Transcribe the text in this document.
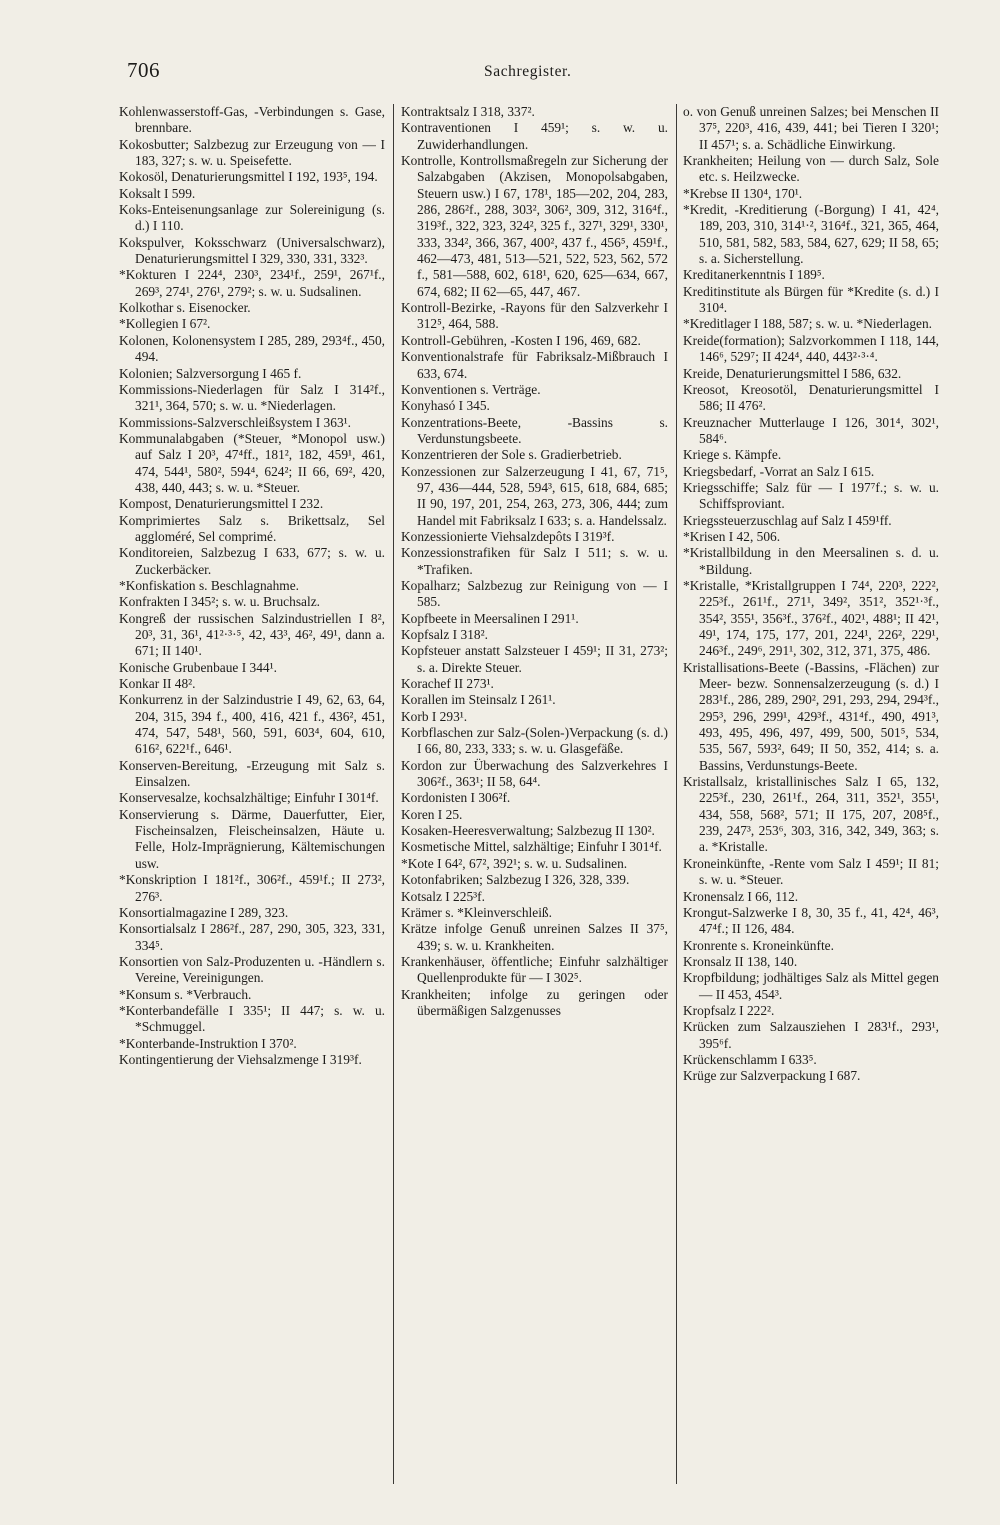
706	Sachregister.

Kohlenwasserstoff-Gas, -Verbindungen s. Gase, brennbare.

Kokosbutter; Salzbezug zur Erzeugung von — I 183, 327; s. w. u. Speisefette.

Kokosöl, Denaturierungsmittel I 192, 193⁵, 194.

Koksalt I 599.

Koks-Enteisenungsanlage zur Solereinigung (s. d.) I 110.

Kokspulver, Koksschwarz (Universalschwarz), Denaturierungsmittel I 329, 330, 331, 332³.

*Kokturen I 224⁴, 230³, 234¹f., 259¹, 267¹f., 269³, 274¹, 276¹, 279²; s. w. u. Sudsalinen.

Kolkothar s. Eisenocker.

*Kollegien I 67².

Kolonen, Kolonensystem I 285, 289, 293⁴f., 450, 494.

Kolonien; Salzversorgung I 465 f.

Kommissions-Niederlagen für Salz I 314²f., 321¹, 364, 570; s. w. u. *Niederlagen.

Kommissions-Salzverschleißsystem I 363¹.

Kommunalabgaben (*Steuer, *Monopol usw.) auf Salz I 20³, 47⁴ff., 181², 182, 459¹, 461, 474, 544¹, 580², 594⁴, 624²; II 66, 69², 420, 438, 440, 443; s. w. u. *Steuer.

Kompost, Denaturierungsmittel I 232.

Komprimiertes Salz s. Brikettsalz, Sel aggloméré, Sel comprimé.

Konditoreien, Salzbezug I 633, 677; s. w. u. Zuckerbäcker.

*Konfiskation s. Beschlagnahme.

Konfrakten I 345²; s. w. u. Bruchsalz.

Kongreß der russischen Salzindustriellen I 8², 20³, 31, 36¹, 41²·³·⁵, 42, 43³, 46², 49¹, dann a. 671; II 140¹.

Konische Grubenbaue I 344¹.

Konkar II 48².

Konkurrenz in der Salzindustrie I 49, 62, 63, 64, 204, 315, 394 f., 400, 416, 421 f., 436², 451, 474, 547, 548¹, 560, 591, 603⁴, 604, 610, 616², 622¹f., 646¹.

Konserven-Bereitung, -Erzeugung mit Salz s. Einsalzen.

Konservesalze, kochsalzhältige; Einfuhr I 301⁴f.

Konservierung s. Därme, Dauerfutter, Eier, Fischeinsalzen, Fleischeinsalzen, Häute u. Felle, Holz-Imprägnierung, Kältemischungen usw.

*Konskription I 181²f., 306²f., 459¹f.; II 273², 276³.

Konsortialmagazine I 289, 323.

Konsortialsalz I 286²f., 287, 290, 305, 323, 331, 334⁵.

Konsortien von Salz-Produzenten u. -Händlern s. Vereine, Vereinigungen.

*Konsum s. *Verbrauch.

*Konterbandefälle I 335¹; II 447; s. w. u. *Schmuggel.

*Konterbande-Instruktion I 370².

Kontingentierung der Viehsalzmenge I 319³f.

Kontraktsalz I 318, 337².

Kontraventionen I 459¹; s. w. u. Zuwiderhandlungen.

Kontrolle, Kontrollsmaßregeln zur Sicherung der Salzabgaben (Akzisen, Monopolsabgaben, Steuern usw.) I 67, 178¹, 185—202, 204, 283, 286, 286²f., 288, 303², 306², 309, 312, 316⁴f., 319³f., 322, 323, 324², 325 f., 327¹, 329¹, 330¹, 333, 334², 366, 367, 400², 437 f., 456⁵, 459¹f., 462—473, 481, 513—521, 522, 523, 562, 572 f., 581—588, 602, 618¹, 620, 625—634, 667, 674, 682; II 62—65, 447, 467.

Kontroll-Bezirke, -Rayons für den Salzverkehr I 312⁵, 464, 588.

Kontroll-Gebühren, -Kosten I 196, 469, 682.

Konventionalstrafe für Fabriksalz-Mißbrauch I 633, 674.

Konventionen s. Verträge.

Konyhasó I 345.

Konzentrations-Beete, -Bassins s. Verdunstungsbeete.

Konzentrieren der Sole s. Gradierbetrieb.

Konzessionen zur Salzerzeugung I 41, 67, 71⁵, 97, 436—444, 528, 594³, 615, 618, 684, 685; II 90, 197, 201, 254, 263, 273, 306, 444; zum Handel mit Fabriksalz I 633; s. a. Handelssalz.

Konzessionierte Viehsalzdepôts I 319³f.

Konzessionstrafiken für Salz I 511; s. w. u. *Trafiken.

Kopalharz; Salzbezug zur Reinigung von — I 585.

Kopfbeete in Meersalinen I 291¹.

Kopfsalz I 318².

Kopfsteuer anstatt Salzsteuer I 459¹; II 31, 273²; s. a. Direkte Steuer.

Korachef II 273¹.

Korallen im Steinsalz I 261¹.

Korb I 293¹.

Korbflaschen zur Salz-(Solen-)Verpackung (s. d.) I 66, 80, 233, 333; s. w. u. Glasgefäße.

Kordon zur Überwachung des Salzverkehres I 306²f., 363¹; II 58, 64⁴.

Kordonisten I 306²f.

Koren I 25.

Kosaken-Heeresverwaltung; Salzbezug II 130².

Kosmetische Mittel, salzhältige; Einfuhr I 301⁴f.

*Kote I 64², 67², 392¹; s. w. u. Sudsalinen.

Kotonfabriken; Salzbezug I 326, 328, 339.

Kotsalz I 225³f.

Krämer s. *Kleinverschleiß.

Krätze infolge Genuß unreinen Salzes II 37⁵, 439; s. w. u. Krankheiten.

Krankenhäuser, öffentliche; Einfuhr salzhältiger Quellenprodukte für — I 302⁵.

Krankheiten; infolge zu geringen oder übermäßigen Salzgenusses

o. von Genuß unreinen Salzes; bei Menschen II 37⁵, 220³, 416, 439, 441; bei Tieren I 320¹; II 457¹; s. a. Schädliche Einwirkung.

Krankheiten; Heilung von — durch Salz, Sole etc. s. Heilzwecke.

*Krebse II 130⁴, 170¹.

*Kredit, -Kreditierung (-Borgung) I 41, 42⁴, 189, 203, 310, 314¹·², 316⁴f., 321, 365, 464, 510, 581, 582, 583, 584, 627, 629; II 58, 65; s. a. Sicherstellung.

Kreditanerkenntnis I 189⁵.

Kreditinstitute als Bürgen für *Kredite (s. d.) I 310⁴.

*Kreditlager I 188, 587; s. w. u. *Niederlagen.

Kreide(formation); Salzvorkommen I 118, 144, 146⁶, 529⁷; II 424⁴, 440, 443²·³·⁴.

Kreide, Denaturierungsmittel I 586, 632.

Kreosot, Kreosotöl, Denaturierungsmittel I 586; II 476².

Kreuznacher Mutterlauge I 126, 301⁴, 302¹, 584⁶.

Kriege s. Kämpfe.

Kriegsbedarf, -Vorrat an Salz I 615.

Kriegsschiffe; Salz für — I 197⁷f.; s. w. u. Schiffsproviant.

Kriegssteuerzuschlag auf Salz I 459¹ff.

*Krisen I 42, 506.

*Kristallbildung in den Meersalinen s. d. u. *Bildung.

*Kristalle, *Kristallgruppen I 74⁴, 220³, 222², 225³f., 261¹f., 271¹, 349², 351², 352¹·³f., 354², 355¹, 356³f., 376²f., 402¹, 488¹; II 42¹, 49¹, 174, 175, 177, 201, 224¹, 226², 229¹, 246³f., 249⁶, 291¹, 302, 312, 371, 375, 486.

Kristallisations-Beete (-Bassins, -Flächen) zur Meer- bezw. Sonnensalzerzeugung (s. d.) I 283¹f., 286, 289, 290², 291, 293, 294, 294³f., 295³, 296, 299¹, 429³f., 431⁴f., 490, 491³, 493, 495, 496, 497, 499, 500, 501⁵, 534, 535, 567, 593², 649; II 50, 352, 414; s. a. Bassins, Verdunstungs-Beete.

Kristallsalz, kristallinisches Salz I 65, 132, 225³f., 230, 261¹f., 264, 311, 352¹, 355¹, 434, 558, 568², 571; II 175, 207, 208⁵f., 239, 247³, 253⁶, 303, 316, 342, 349, 363; s. a. *Kristalle.

Kroneinkünfte, -Rente vom Salz I 459¹; II 81; s. w. u. *Steuer.

Kronensalz I 66, 112.

Krongut-Salzwerke I 8, 30, 35 f., 41, 42⁴, 46³, 47⁴f.; II 126, 484.

Kronrente s. Kroneinkünfte.

Kronsalz II 138, 140.

Kropfbildung; jodhältiges Salz als Mittel gegen — II 453, 454³.

Kropfsalz I 222².

Krücken zum Salzausziehen I 283¹f., 293¹, 395⁶f.

Krückenschlamm I 633⁵.

Krüge zur Salzverpackung I 687.
